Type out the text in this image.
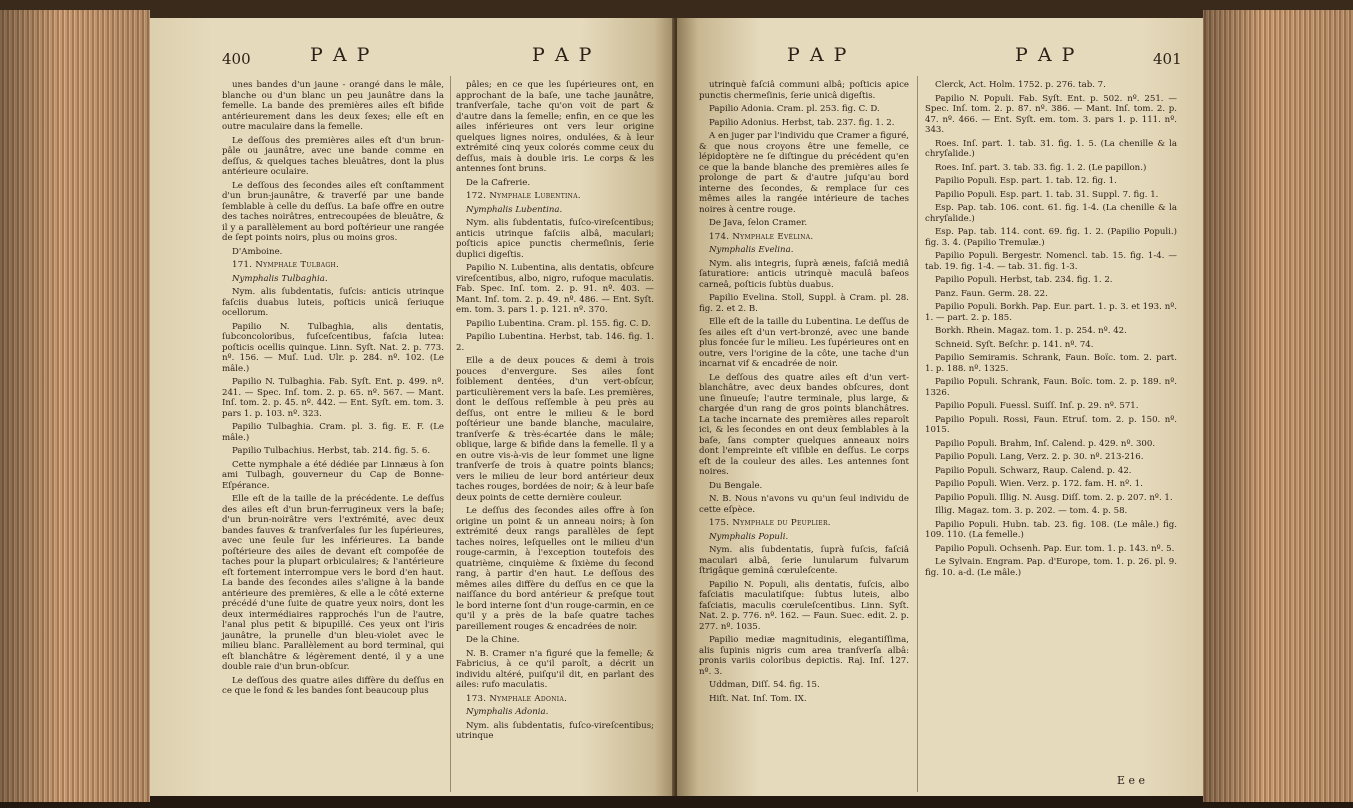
400	P A P	P A P

unes bandes d'un jaune - orangé dans le mâle, blanche ou d'un blanc un peu jaunâtre dans la femelle. La bande des premières ailes eſt bifide antérieurement dans les deux ſexes; elle eſt en outre maculaire dans la femelle.

Le deſſous des premières ailes eſt d'un brun-pâle ou jaunâtre, avec une bande comme en deſſus, & quelques taches bleuâtres, dont la plus antérieure oculaire.

Le deſſous des ſecondes ailes eſt conſtamment d'un brun-jaunâtre, & traverſé par une bande ſemblable à celle du deſſus. La baſe offre en outre des taches noirâtres, entrecoupées de bleuâtre, & il y a parallèlement au bord poſtérieur une rangée de ſept points noirs, plus ou moins gros.

D'Amboine.

171. Nymphale Tulbagh.

Nymphalis Tulbaghia.

Nym. alis ſubdentatis, ſuſcis: anticis utrinque faſciis duabus luteis, poſticis unicâ ſeriuque ocellorum.

Papilio N. Tulbaghia, alis dentatis, ſubconcoloribus, fuſceſcentibus, faſcia lutea: poſticis ocellis quinque. Linn. Syſt. Nat. 2. p. 773. nº. 156. — Muſ. Lud. Ulr. p. 284. nº. 102. (Le mâle.)

Papilio N. Tulbaghia. Fab. Syſt. Ent. p. 499. nº. 241. — Spec. Inſ. tom. 2. p. 65. nº. 567. — Mant. Inſ. tom. 2. p. 45. nº. 442. — Ent. Syſt. em. tom. 3. pars 1. p. 103. nº. 323.

Papilio Tulbaghia. Cram. pl. 3. fig. E. F. (Le mâle.)

Papilio Tulbachius. Herbst, tab. 214. fig. 5. 6.

Cette nymphale a été dédiée par Linnæus à ſon ami Tulbagh, gouverneur du Cap de Bonne-Eſpérance.

Elle eſt de la taille de la précédente. Le deſſus des ailes eſt d'un brun-ferrugineux vers la baſe; d'un brun-noirâtre vers l'extrémité, avec deux bandes fauves & tranſverſales ſur les ſupérieures, avec une ſeule ſur les inférieures. La bande poſtérieure des ailes de devant eſt compoſée de taches pour la plupart orbiculaires; & l'antérieure eſt fortement interrompue vers le bord d'en haut. La bande des ſecondes ailes s'aligne à la bande antérieure des premières, & elle a le côté externe précédé d'une ſuite de quatre yeux noirs, dont les deux intermédiaires rapprochés l'un de l'autre, l'anal plus petit & bipupillé. Ces yeux ont l'iris jaunâtre, la prunelle d'un bleu-violet avec le milieu blanc. Parallèlement au bord terminal, qui eſt blanchâtre & légèrement denté, il y a une double raie d'un brun-obſcur.

Le deſſous des quatre ailes diffère du deſſus en ce que le fond & les bandes ſont beaucoup plus

pâles; en ce que les ſupérieures ont, en approchant de la baſe, une tache jaunâtre, tranſverſale, tache qu'on voit de part & d'autre dans la ſemelle; enfin, en ce que les ailes inférieures ont vers leur origine quelques lignes noires, ondulées, & à leur extrémité cinq yeux colorés comme ceux du deſſus, mais à double iris. Le corps & les antennes ſont bruns.

De la Cafrerie.

172. Nymphale Lubentina.

Nymphalis Lubentina.

Nym. alis ſubdentatis, fuſco-vireſcentibus; anticis utrinque faſciis albâ, maculari; poſticis apice punctis chermeſinis, ſerie duplici digeſtis.

Papilio N. Lubentina, alis dentatis, obſcure vireſcentibus, albo, nigro, rufoque maculatis. Fab. Spec. Inſ. tom. 2. p. 91. nº. 403. — Mant. Inſ. tom. 2. p. 49. nº. 486. — Ent. Syſt. em. tom. 3. pars 1. p. 121. nº. 370.

Papilio Lubentina. Cram. pl. 155. fig. C. D.

Papilio Lubentina. Herbst, tab. 146. fig. 1. 2.

Elle a de deux pouces & demi à trois pouces d'envergure. Ses ailes ſont foiblement dentées, d'un vert-obſcur, particulièrement vers la baſe. Les premières, dont le deſſous reſſemble à peu près au deſſus, ont entre le milieu & le bord poſtérieur une bande blanche, maculaire, tranſverſe & très-écartée dans le mâle; oblique, large & bifide dans la femelle. Il y a en outre vis-à-vis de leur ſommet une ligne tranſverſe de trois à quatre points blancs; vers le milieu de leur bord antérieur deux taches rouges, bordées de noir; & à leur baſe deux points de cette dernière couleur.

Le deſſus des ſecondes ailes offre à ſon origine un point & un anneau noirs; à ſon extrémité deux rangs parallèles de ſept taches noires, leſquelles ont le milieu d'un rouge-carmin, à l'exception toutefois des quatrième, cinquième & ſixième du ſecond rang, à partir d'en haut. Le deſſous des mêmes ailes diffère du deſſus en ce que la naiſſance du bord antérieur & preſque tout le bord interne ſont d'un rouge-carmin, en ce qu'il y a près de la baſe quatre taches pareillement rouges & encadrées de noir.

De la Chine.

N. B. Cramer n'a figuré que la femelle; & Fabricius, à ce qu'il paroît, a décrit un individu altéré, puiſqu'il dit, en parlant des ailes: rufo maculatis.

173. Nymphale Adonia.

Nymphalis Adonia.

Nym. alis ſubdentatis, fuſco-vireſcentibus; utrinque

P A P	P A P	401

utrinquè faſciâ communi albâ; poſticis apice punctis chermeſinis, ſerie unicâ digeſtis.

Papilio Adonia. Cram. pl. 253. fig. C. D.

Papilio Adonius. Herbst, tab. 237. fig. 1. 2.

A en juger par l'individu que Cramer a figuré, & que nous croyons être une femelle, ce lépidoptère ne ſe diſtingue du précédent qu'en ce que la bande blanche des premières ailes ſe prolonge de part & d'autre juſqu'au bord interne des ſecondes, & remplace ſur ces mêmes ailes la rangée intérieure de taches noires à centre rouge.

De Java, ſelon Cramer.

174. Nymphale Evélina.

Nymphalis Evelina.

Nym. alis integris, ſuprà æneis, faſciâ mediâ ſaturatiore: anticis utrinquè maculâ baſeos carneâ, poſticis ſubtùs duabus.

Papilio Evelina. Stoll, Suppl. à Cram. pl. 28. fig. 2. et 2. B.

Elle eſt de la taille du Lubentina. Le deſſus de ſes ailes eſt d'un vert-bronzé, avec une bande plus foncée ſur le milieu. Les ſupérieures ont en outre, vers l'origine de la côte, une tache d'un incarnat vif & encadrée de noir.

Le deſſous des quatre ailes eſt d'un vert-blanchâtre, avec deux bandes obſcures, dont une ſinueuſe; l'autre terminale, plus large, & chargée d'un rang de gros points blanchâtres. La tache incarnate des premières ailes reparoît ici, & les ſecondes en ont deux ſemblables à la baſe, ſans compter quelques anneaux noirs dont l'empreinte eſt viſible en deſſus. Le corps eſt de la couleur des ailes. Les antennes ſont noires.

Du Bengale.

N. B. Nous n'avons vu qu'un ſeul individu de cette eſpèce.

175. Nymphale du Peuplier.

Nymphalis Populi.

Nym. alis ſubdentatis, ſuprà fuſcis, faſciâ maculari albâ, ſerie lunularum fulvarum ſtrigâque geminâ cœruleſcente.

Papilio N. Populi, alis dentatis, fuſcis, albo faſciatis maculatiſque: ſubtus luteis, albo faſciatis, maculis cœruleſcentibus. Linn. Syſt. Nat. 2. p. 776. nº. 162. — Faun. Suec. edit. 2. p. 277. nº. 1035.

Papilio mediæ magnitudinis, elegantiſſima, alis ſupinis nigris cum area tranſverſa albâ: pronis variis coloribus depictis. Raj. Inſ. 127. nº. 3.

Uddman, Diſſ. 54. fig. 15.

Hiſt. Nat. Inſ. Tom. IX.

Clerck, Act. Holm. 1752. p. 276. tab. 7.

Papilio N. Populi. Fab. Syſt. Ent. p. 502. nº. 251. — Spec. Inſ. tom. 2. p. 87. nº. 386. — Mant. Inſ. tom. 2. p. 47. nº. 466. — Ent. Syſt. em. tom. 3. pars 1. p. 111. nº. 343.

Roes. Inſ. part. 1. tab. 31. fig. 1. 5. (La chenille & la chryſalide.)

Roes. Inſ. part. 3. tab. 33. fig. 1. 2. (Le papillon.)

Papilio Populi. Esp. part. 1. tab. 12. fig. 1.

Papilio Populi. Esp. part. 1. tab. 31. Suppl. 7. fig. 1.

Esp. Pap. tab. 106. cont. 61. fig. 1-4. (La chenille & la chryſalide.)

Esp. Pap. tab. 114. cont. 69. fig. 1. 2. (Papilio Populi.) fig. 3. 4. (Papilio Tremulæ.)

Papilio Populi. Bergestr. Nomencl. tab. 15. fig. 1-4. — tab. 19. fig. 1-4. — tab. 31. fig. 1-3.

Papilio Populi. Herbst, tab. 234. fig. 1. 2.

Panz. Faun. Germ. 28. 22.

Papilio Populi. Borkh. Pap. Eur. part. 1. p. 3. et 193. nº. 1. — part. 2. p. 185.

Borkh. Rhein. Magaz. tom. 1. p. 254. nº. 42.

Schneid. Syſt. Beſchr. p. 141. nº. 74.

Papilio Semiramis. Schrank, Faun. Boïc. tom. 2. part. 1. p. 188. nº. 1325.

Papilio Populi. Schrank, Faun. Boïc. tom. 2. p. 189. nº. 1326.

Papilio Populi. Fuessl. Suiſſ. Inſ. p. 29. nº. 571.

Papilio Populi. Rossi, Faun. Etruſ. tom. 2. p. 150. nº. 1015.

Papilio Populi. Brahm, Inſ. Calend. p. 429. nº. 300.

Papilio Populi. Lang, Verz. 2. p. 30. nº. 213-216.

Papilio Populi. Schwarz, Raup. Calend. p. 42.

Papilio Populi. Wien. Verz. p. 172. fam. H. nº. 1.

Papilio Populi. Illig. N. Ausg. Diſſ. tom. 2. p. 207. nº. 1.

Illig. Magaz. tom. 3. p. 202. — tom. 4. p. 58.

Papilio Populi. Hubn. tab. 23. fig. 108. (Le mâle.) fig. 109. 110. (La femelle.)

Papilio Populi. Ochsenh. Pap. Eur. tom. 1. p. 143. nº. 5.

Le Sylvain. Engram. Pap. d'Europe, tom. 1. p. 26. pl. 9. fig. 10. a-d. (Le mâle.)

E e e
